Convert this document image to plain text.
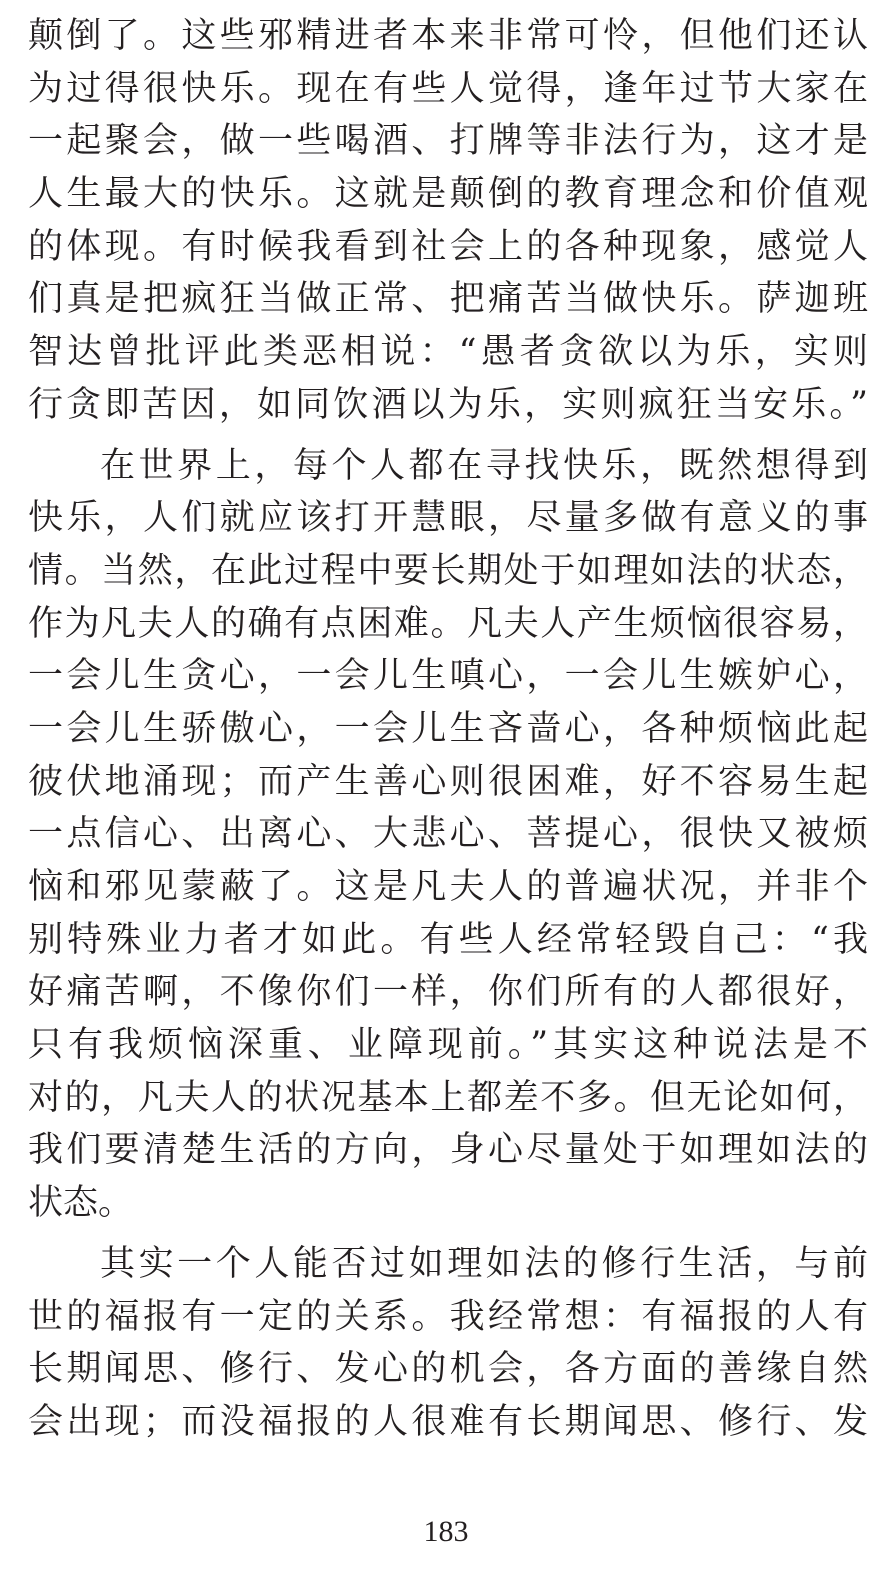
颠倒了。这些邪精进者本来非常可怜，但他们还认
为过得很快乐。现在有些人觉得，逢年过节大家在
一起聚会，做一些喝酒、打牌等非法行为，这才是
人生最大的快乐。这就是颠倒的教育理念和价值观
的体现。有时候我看到社会上的各种现象，感觉人
们真是把疯狂当做正常、把痛苦当做快乐。萨迦班
智达曾批评此类恶相说：“愚者贪欲以为乐，实则
行贪即苦因，如同饮酒以为乐，实则疯狂当安乐。”
在世界上，每个人都在寻找快乐，既然想得到
快乐，人们就应该打开慧眼，尽量多做有意义的事
情。当然，在此过程中要长期处于如理如法的状态，
作为凡夫人的确有点困难。凡夫人产生烦恼很容易，
一会儿生贪心，一会儿生嗔心，一会儿生嫉妒心，
一会儿生骄傲心，一会儿生吝啬心，各种烦恼此起
彼伏地涌现；而产生善心则很困难，好不容易生起
一点信心、出离心、大悲心、菩提心，很快又被烦
恼和邪见蒙蔽了。这是凡夫人的普遍状况，并非个
别特殊业力者才如此。有些人经常轻毁自己：“我
好痛苦啊，不像你们一样，你们所有的人都很好，
只有我烦恼深重、业障现前。”其实这种说法是不
对的，凡夫人的状况基本上都差不多。但无论如何，
我们要清楚生活的方向，身心尽量处于如理如法的
状态。
其实一个人能否过如理如法的修行生活，与前
世的福报有一定的关系。我经常想：有福报的人有
长期闻思、修行、发心的机会，各方面的善缘自然
会出现；而没福报的人很难有长期闻思、修行、发
183
